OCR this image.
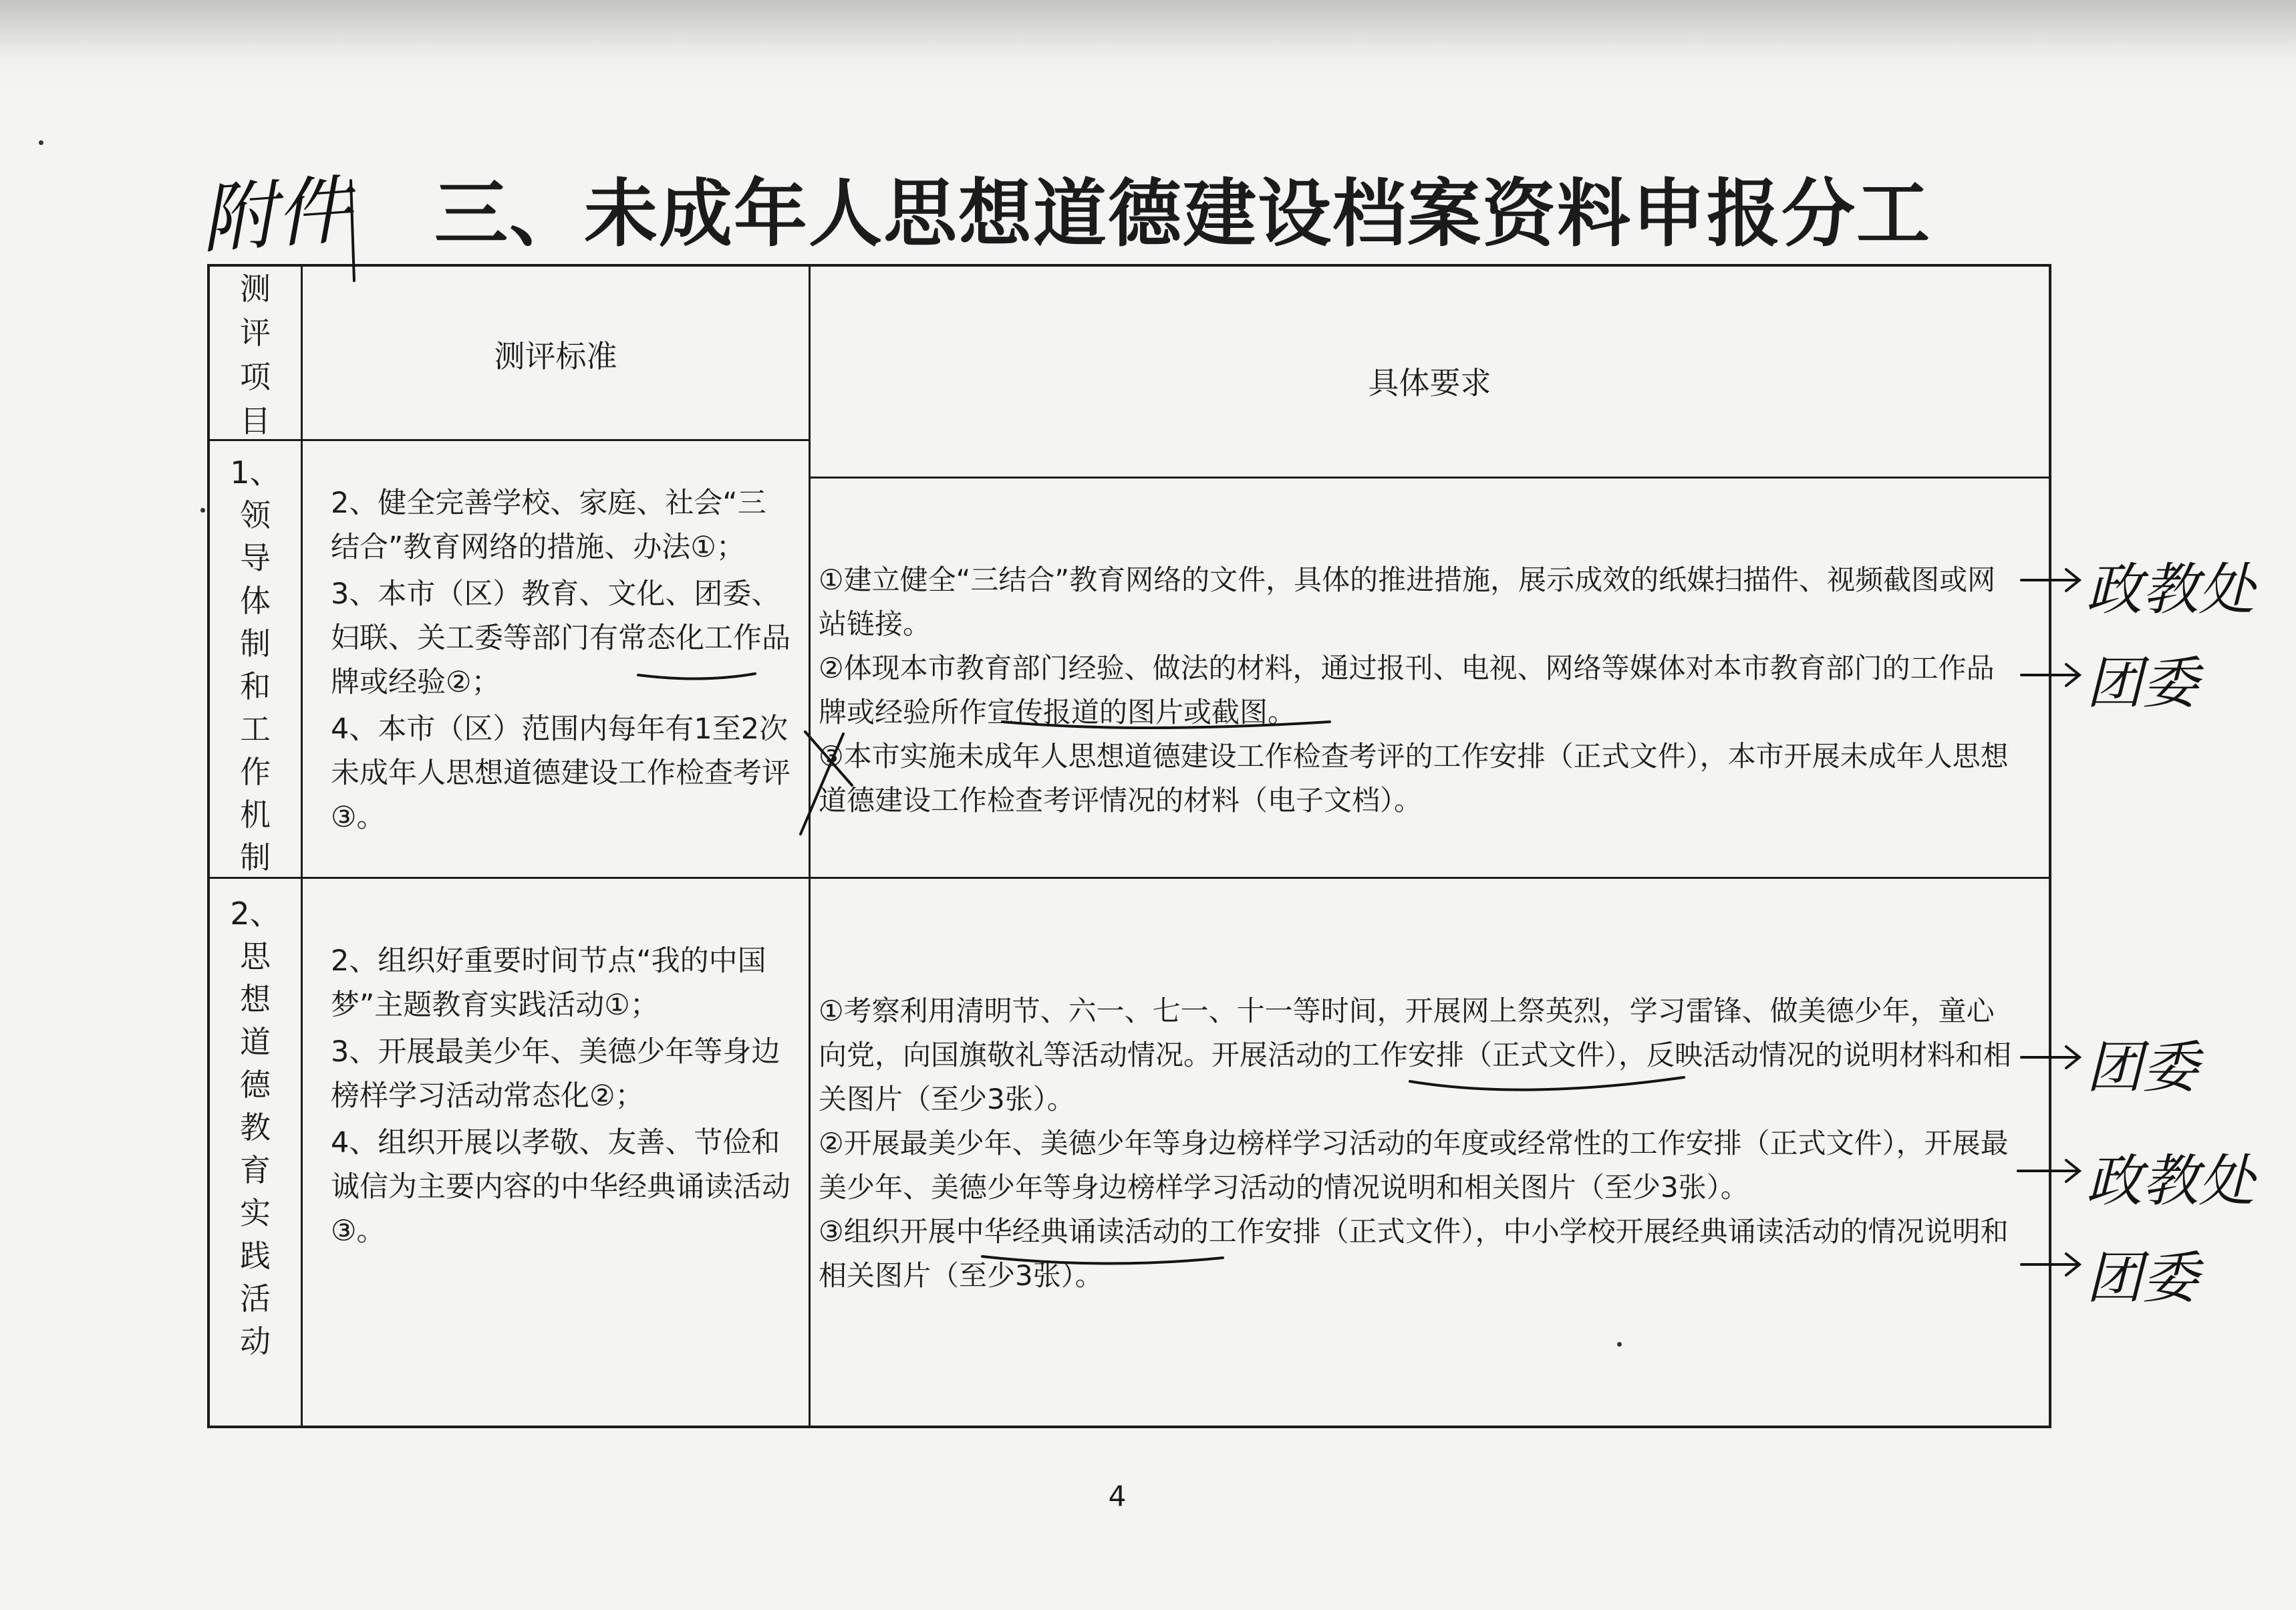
附件 三、未成年人思想道德建设档案资料申报分工
测
评
项
目
测评标准
具体要求
1、
领
导
体
制
和
工
作
机
制

2、健全完善学校、家庭、社会“三结合”教育网络的措施、办法①；

3、本市（区）教育、文化、团委、妇联、关工委等部门有常态化工作品牌或经验②；

4、本市（区）范围内每年有1至2次未成年人思想道德建设工作检查考评③。

①建立健全“三结合”教育网络的文件，具体的推进措施，展示成效的纸媒扫描件、视频截图或网站链接。

②体现本市教育部门经验、做法的材料，通过报刊、电视、网络等媒体对本市教育部门的工作品牌或经验所作宣传报道的图片或截图。

③本市实施未成年人思想道德建设工作检查考评的工作安排（正式文件），本市开展未成年人思想道德建设工作检查考评情况的材料（电子文档）。

2、
思
想
道
德
教
育
实
践
活
动

2、组织好重要时间节点“我的中国梦”主题教育实践活动①；

3、开展最美少年、美德少年等身边榜样学习活动常态化②；

4、组织开展以孝敬、友善、节俭和诚信为主要内容的中华经典诵读活动③。

①考察利用清明节、六一、七一、十一等时间，开展网上祭英烈，学习雷锋、做美德少年，童心向党，向国旗敬礼等活动情况。开展活动的工作安排（正式文件），反映活动情况的说明材料和相关图片（至少3张）。

②开展最美少年、美德少年等身边榜样学习活动的年度或经常性的工作安排（正式文件），开展最美少年、美德少年等身边榜样学习活动的情况说明和相关图片（至少3张）。

③组织开展中华经典诵读活动的工作安排（正式文件），中小学校开展经典诵读活动的情况说明和相关图片（至少3张）。

政教处
团委
团委
政教处
团委
4
